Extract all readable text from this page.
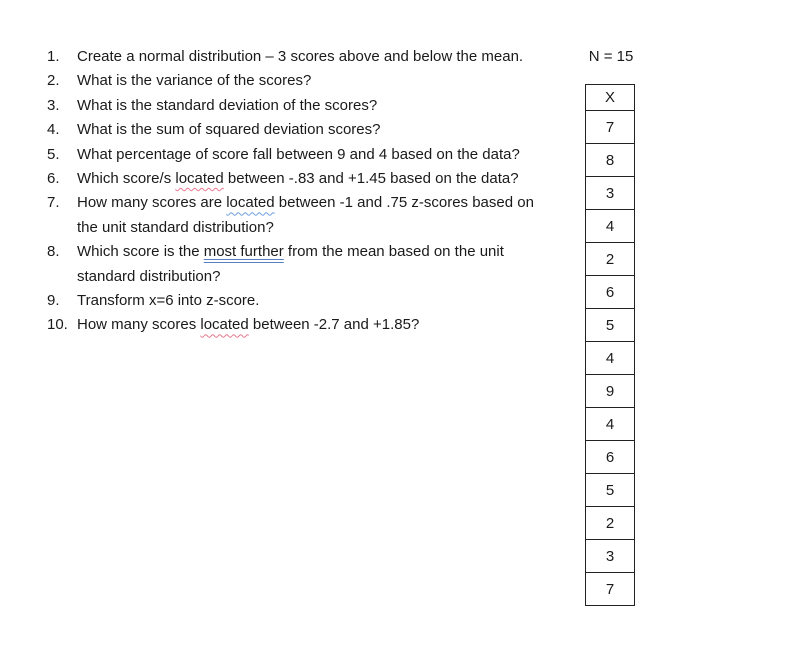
1.	Create a normal distribution – 3 scores above and below the mean.
2.	What is the variance of the scores?
3.	What is the standard deviation of the scores?
4.	What is the sum of squared deviation scores?
5.	What percentage of score fall between 9 and 4 based on the data?
6.	Which score/s located between -.83 and +1.45 based on the data?
7.	How many scores are located between -1 and .75 z-scores based on the unit standard distribution?
8.	Which score is the most further from the mean based on the unit standard distribution?
9.	Transform x=6 into z-score.
10. How many scores located between -2.7 and +1.85?
N = 15
X
7
8
3
4
2
6
5
4
9
4
6
5
2
3
7
